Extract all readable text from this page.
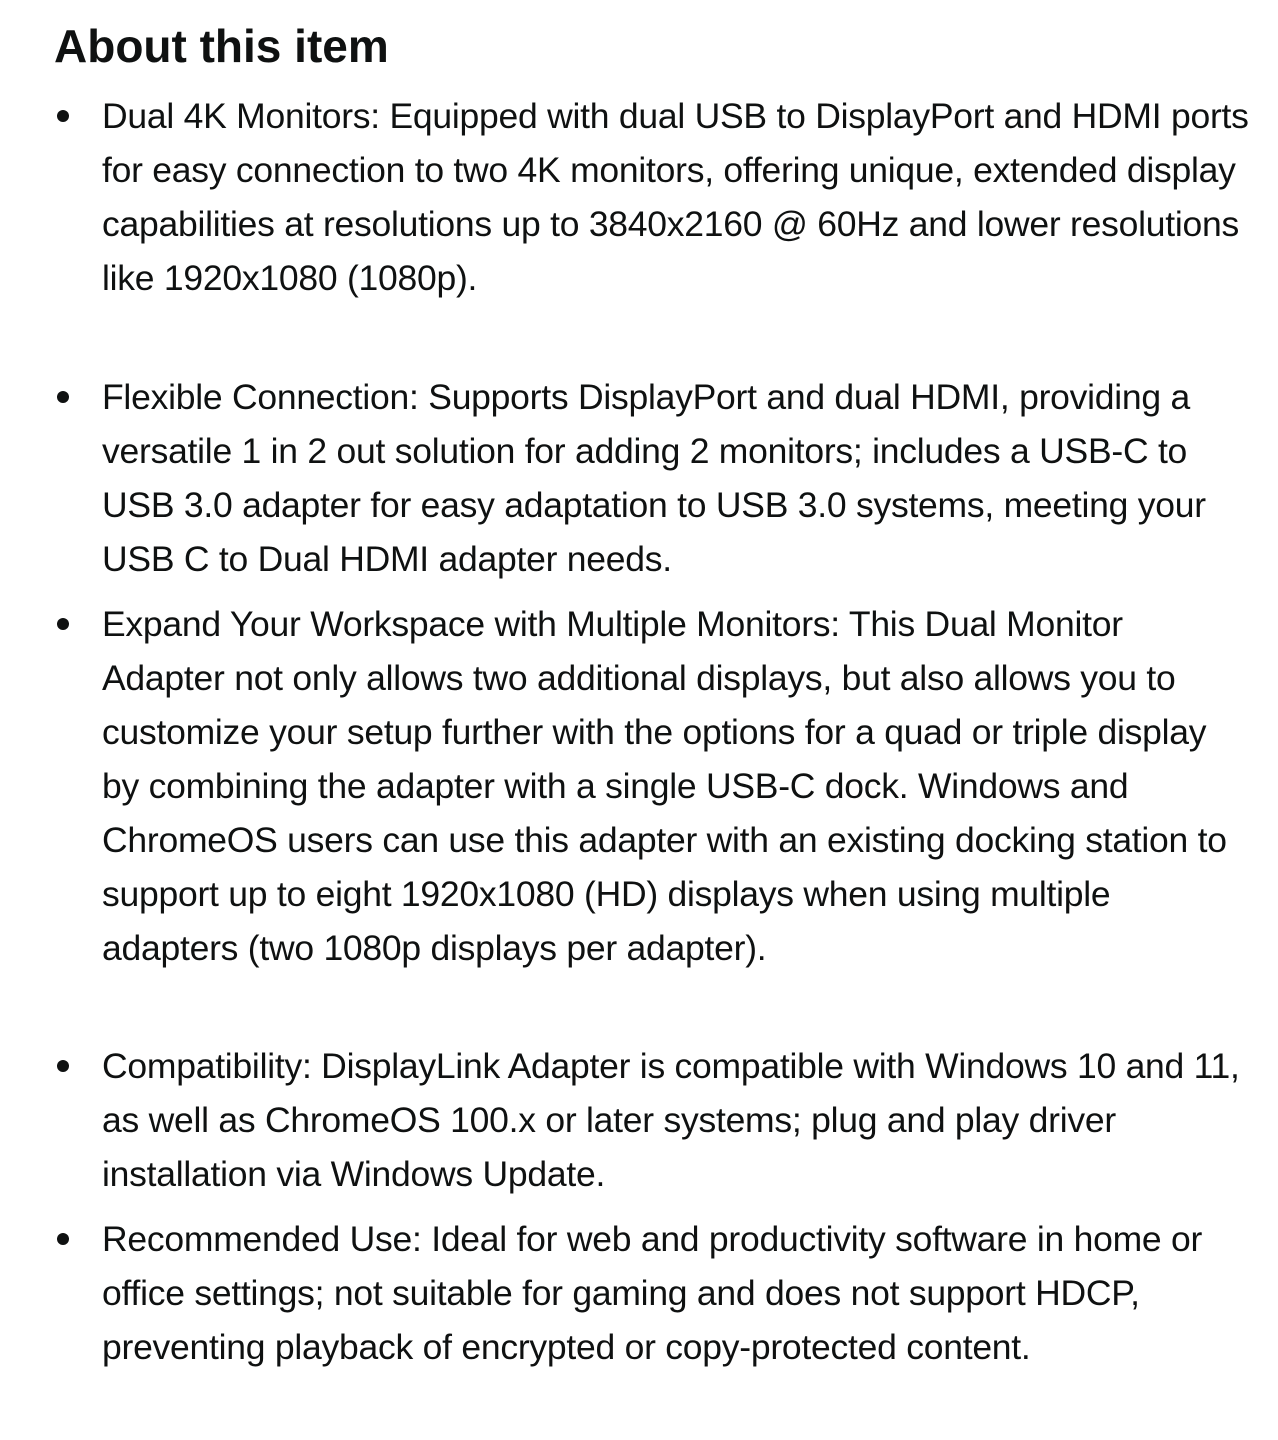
About this item

Dual 4K Monitors: Equipped with dual USB to DisplayPort and HDMI ports for easy connection to two 4K monitors, offering unique, extended display capabilities at resolutions up to 3840x2160 @ 60Hz and lower resolutions like 1920x1080 (1080p).

Flexible Connection: Supports DisplayPort and dual HDMI, providing a versatile 1 in 2 out solution for adding 2 monitors; includes a USB-C to USB 3.0 adapter for easy adaptation to USB 3.0 systems, meeting your USB C to Dual HDMI adapter needs.

Expand Your Workspace with Multiple Monitors: This Dual Monitor Adapter not only allows two additional displays, but also allows you to customize your setup further with the options for a quad or triple display by combining the adapter with a single USB-C dock. Windows and ChromeOS users can use this adapter with an existing docking station to support up to eight 1920x1080 (HD) displays when using multiple adapters (two 1080p displays per adapter).

Compatibility: DisplayLink Adapter is compatible with Windows 10 and 11, as well as ChromeOS 100.x or later systems; plug and play driver installation via Windows Update.

Recommended Use: Ideal for web and productivity software in home or office settings; not suitable for gaming and does not support HDCP, preventing playback of encrypted or copy-protected content.
